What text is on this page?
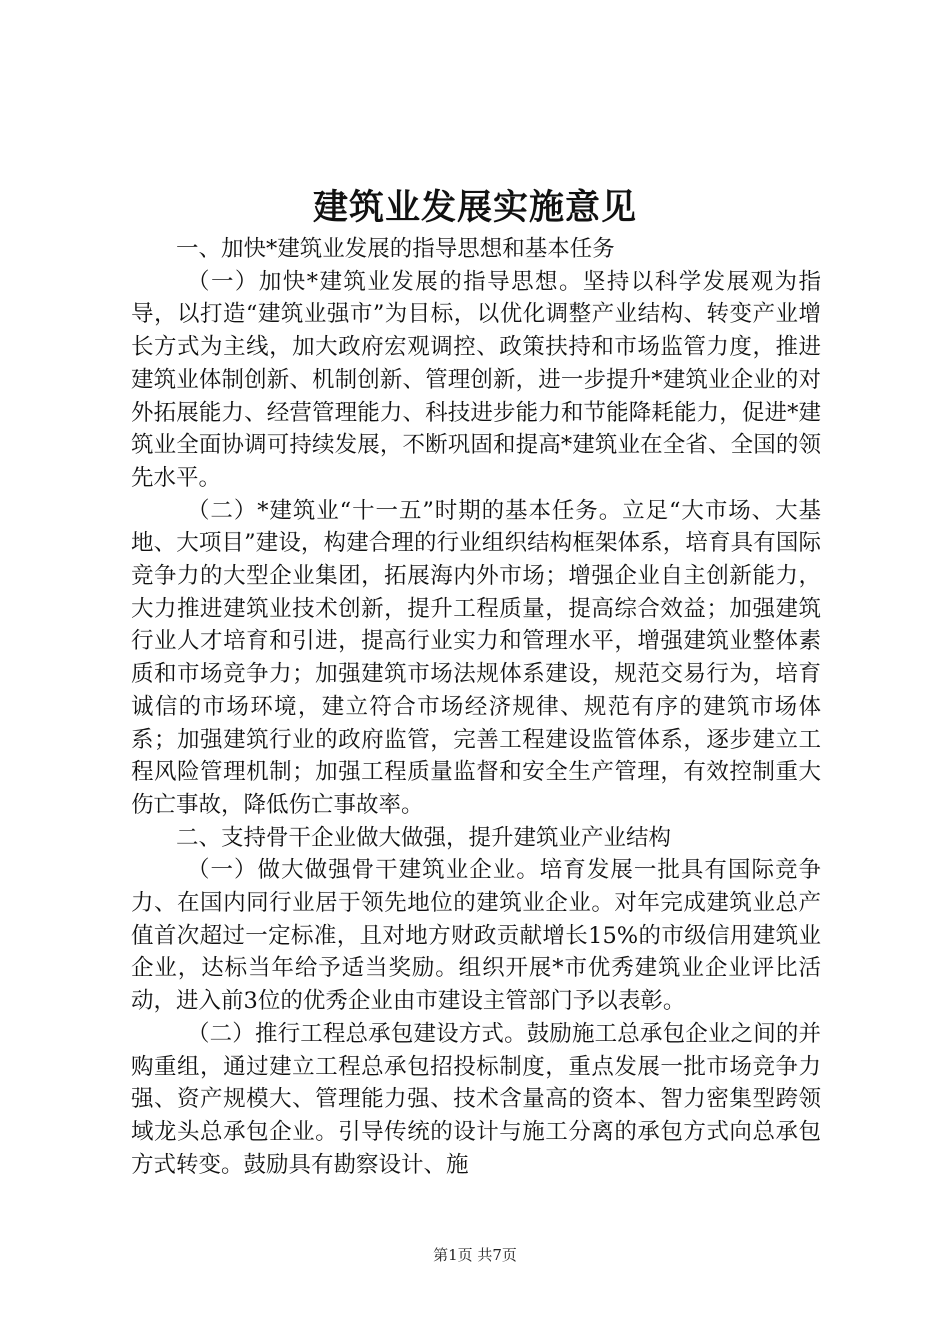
建筑业发展实施意见

一、加快*建筑业发展的指导思想和基本任务

（一）加快*建筑业发展的指导思想。坚持以科学发展观为指导，以打造“建筑业强市”为目标，以优化调整产业结构、转变产业增长方式为主线，加大政府宏观调控、政策扶持和市场监管力度，推进建筑业体制创新、机制创新、管理创新，进一步提升*建筑业企业的对外拓展能力、经营管理能力、科技进步能力和节能降耗能力，促进*建筑业全面协调可持续发展，不断巩固和提高*建筑业在全省、全国的领先水平。

（二）*建筑业“十一五”时期的基本任务。立足“大市场、大基地、大项目”建设，构建合理的行业组织结构框架体系，培育具有国际竞争力的大型企业集团，拓展海内外市场；增强企业自主创新能力，大力推进建筑业技术创新，提升工程质量，提高综合效益；加强建筑行业人才培育和引进，提高行业实力和管理水平，增强建筑业整体素质和市场竞争力；加强建筑市场法规体系建设，规范交易行为，培育诚信的市场环境，建立符合市场经济规律、规范有序的建筑市场体系；加强建筑行业的政府监管，完善工程建设监管体系，逐步建立工程风险管理机制；加强工程质量监督和安全生产管理，有效控制重大伤亡事故，降低伤亡事故率。

二、支持骨干企业做大做强，提升建筑业产业结构

（一）做大做强骨干建筑业企业。培育发展一批具有国际竞争力、在国内同行业居于领先地位的建筑业企业。对年完成建筑业总产值首次超过一定标准，且对地方财政贡献增长15%的市级信用建筑业企业，达标当年给予适当奖励。组织开展*市优秀建筑业企业评比活动，进入前3位的优秀企业由市建设主管部门予以表彰。

（二）推行工程总承包建设方式。鼓励施工总承包企业之间的并购重组，通过建立工程总承包招投标制度，重点发展一批市场竞争力强、资产规模大、管理能力强、技术含量高的资本、智力密集型跨领域龙头总承包企业。引导传统的设计与施工分离的承包方式向总承包方式转变。鼓励具有勘察设计、施

第1页 共7页
